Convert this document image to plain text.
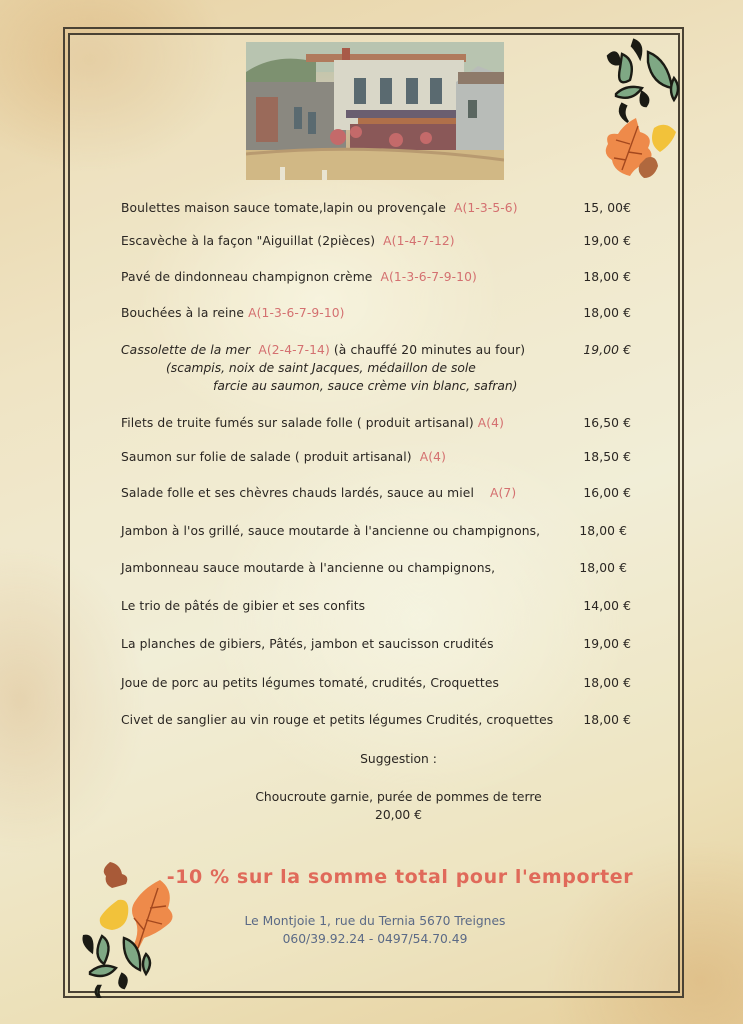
Boulettes maison sauce tomate,lapin ou provençale A(1-3-5-6)	15, 00€
Escavèche à la façon "Aiguillat (2pièces) A(1-4-7-12)	19,00 €
Pavé de dindonneau champignon crème A(1-3-6-7-9-10)	18,00 €
Bouchées à la reine A(1-3-6-7-9-10)	18,00 €
Cassolette de la mer A(2-4-7-14) (à chauffé 20 minutes au four)	19,00 €
(scampis, noix de saint Jacques, médaillon de sole
farcie au saumon, sauce crème vin blanc, safran)
Filets de truite fumés sur salade folle ( produit artisanal) A(4)	16,50 €
Saumon sur folie de salade ( produit artisanal) A(4)	18,50 €
Salade folle et ses chèvres chauds lardés, sauce au miel A(7)	16,00 €
Jambon à l'os grillé, sauce moutarde à l'ancienne ou champignons,	18,00 €
Jambonneau sauce moutarde à l'ancienne ou champignons,	18,00 €
Le trio de pâtés de gibier et ses confits	14,00 €
La planches de gibiers, Pâtés, jambon et saucisson crudités	19,00 €
Joue de porc au petits légumes tomaté, crudités, Croquettes	18,00 €
Civet de sanglier au vin rouge et petits légumes Crudités, croquettes 18,00 €
Suggestion :
Choucroute garnie, purée de pommes de terre
20,00 €
-10 % sur la somme total pour l'emporter
Le Montjoie 1, rue du Ternia 5670 Treignes
060/39.92.24 - 0497/54.70.49
